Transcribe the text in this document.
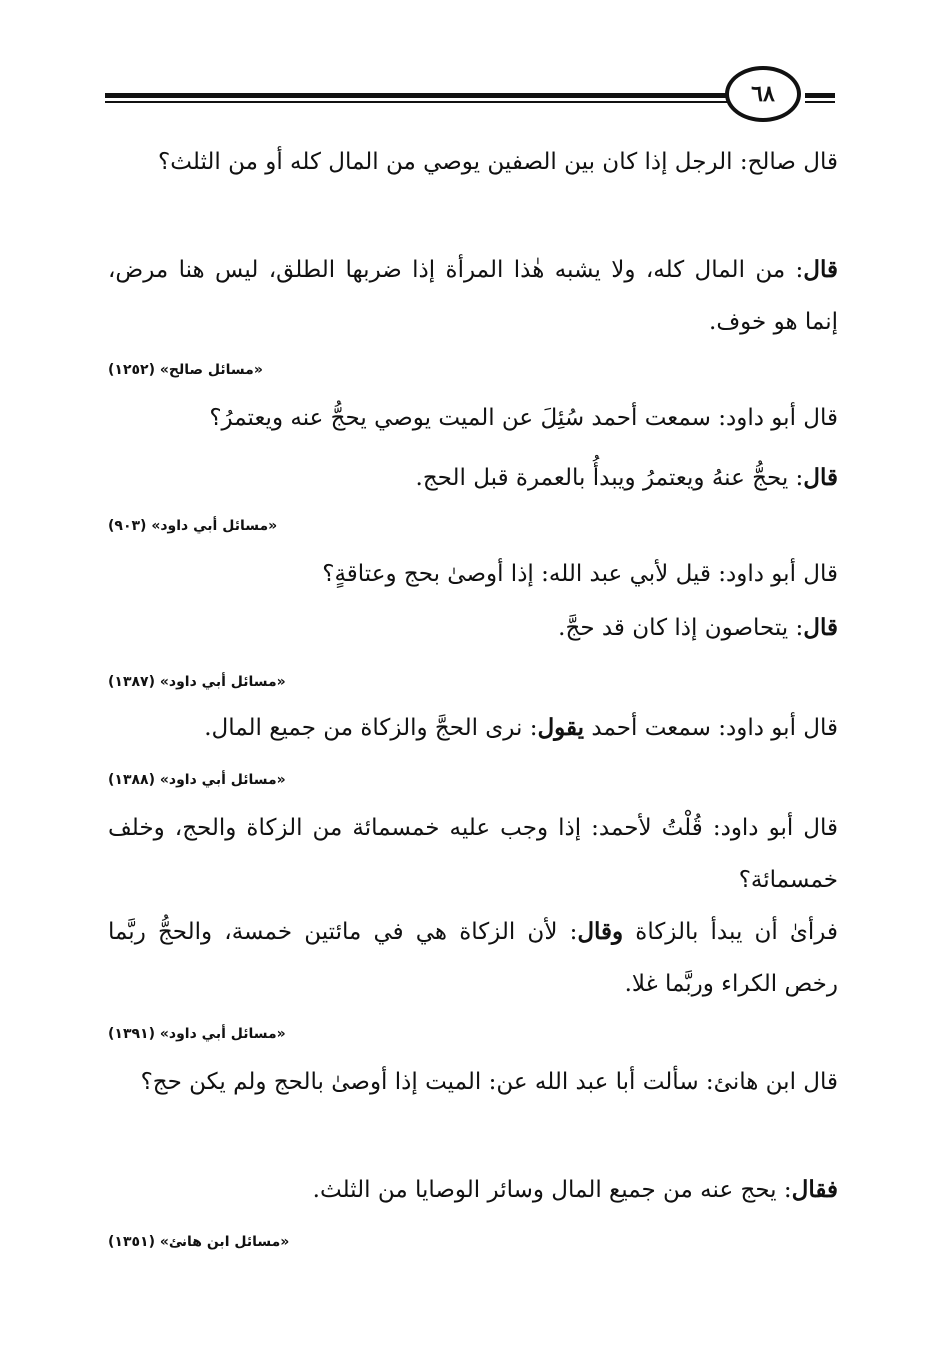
٦٨
قال صالح: الرجل إذا كان بين الصفين يوصي من المال كله أو من الثلث؟
قال: من المال كله، ولا يشبه هٰذا المرأة إذا ضربها الطلق، ليس هنا مرض، إنما هو خوف.
«مسائل صالح» (١٢٥٢)
قال أبو داود: سمعت أحمد سُئِلَ عن الميت يوصي يحجُّ عنه ويعتمرُ؟
قال: يحجُّ عنهُ ويعتمرُ ويبدأُ بالعمرة قبل الحج.
«مسائل أبي داود» (٩٠٣)
قال أبو داود: قيل لأبي عبد الله: إذا أوصىٰ بحج وعتاقةٍ؟
قال: يتحاصون إذا كان قد حجَّ.
«مسائل أبي داود» (١٣٨٧)
قال أبو داود: سمعت أحمد يقول: نرى الحجَّ والزكاة من جميع المال.
«مسائل أبي داود» (١٣٨٨)
قال أبو داود: قُلْتُ لأحمد: إذا وجب عليه خمسمائة من الزكاة والحج، وخلف خمسمائة؟
فرأىٰ أن يبدأ بالزكاة وقال: لأن الزكاة هي في مائتين خمسة، والحجُّ ربَّما رخص الكراء وربَّما غلا.
«مسائل أبي داود» (١٣٩١)
قال ابن هانئ: سألت أبا عبد الله عن: الميت إذا أوصىٰ بالحج ولم يكن حج؟
فقال: يحج عنه من جميع المال وسائر الوصايا من الثلث.
«مسائل ابن هانئ» (١٣٥١)
